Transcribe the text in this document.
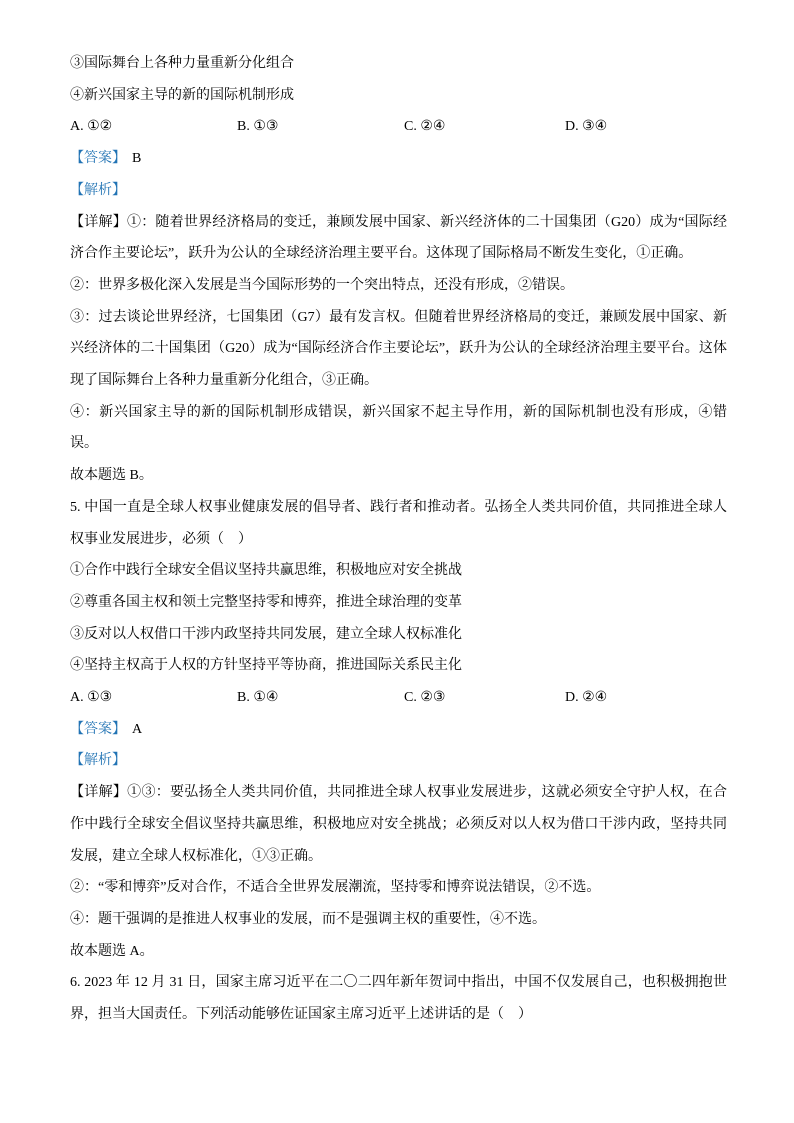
③国际舞台上各种力量重新分化组合

④新兴国家主导的新的国际机制形成

A. ①②	B. ①③	C. ②④	D. ③④

【答案】 B

【解析】

【详解】①：随着世界经济格局的变迁，兼顾发展中国家、新兴经济体的二十国集团（G20）成为“国际经济合作主要论坛”，跃升为公认的全球经济治理主要平台。这体现了国际格局不断发生变化，①正确。

②：世界多极化深入发展是当今国际形势的一个突出特点，还没有形成，②错误。

③：过去谈论世界经济，七国集团（G7）最有发言权。但随着世界经济格局的变迁，兼顾发展中国家、新兴经济体的二十国集团（G20）成为“国际经济合作主要论坛”，跃升为公认的全球经济治理主要平台。这体现了国际舞台上各种力量重新分化组合，③正确。

④：新兴国家主导的新的国际机制形成错误，新兴国家不起主导作用，新的国际机制也没有形成，④错误。

故本题选 B。

5. 中国一直是全球人权事业健康发展的倡导者、践行者和推动者。弘扬全人类共同价值，共同推进全球人权事业发展进步，必须（　）

①合作中践行全球安全倡议坚持共赢思维，积极地应对安全挑战

②尊重各国主权和领土完整坚持零和博弈，推进全球治理的变革

③反对以人权借口干涉内政坚持共同发展，建立全球人权标准化

④坚持主权高于人权的方针坚持平等协商，推进国际关系民主化

A. ①③	B. ①④	C. ②③	D. ②④

【答案】 A

【解析】

【详解】①③：要弘扬全人类共同价值，共同推进全球人权事业发展进步，这就必须安全守护人权，在合作中践行全球安全倡议坚持共赢思维，积极地应对安全挑战；必须反对以人权为借口干涉内政，坚持共同发展，建立全球人权标准化，①③正确。

②：“零和博弈”反对合作，不适合全世界发展潮流，坚持零和博弈说法错误，②不选。

④：题干强调的是推进人权事业的发展，而不是强调主权的重要性，④不选。

故本题选 A。

6. 2023 年 12 月 31 日，国家主席习近平在二〇二四年新年贺词中指出，中国不仅发展自己，也积极拥抱世界，担当大国责任。下列活动能够佐证国家主席习近平上述讲话的是（　）
